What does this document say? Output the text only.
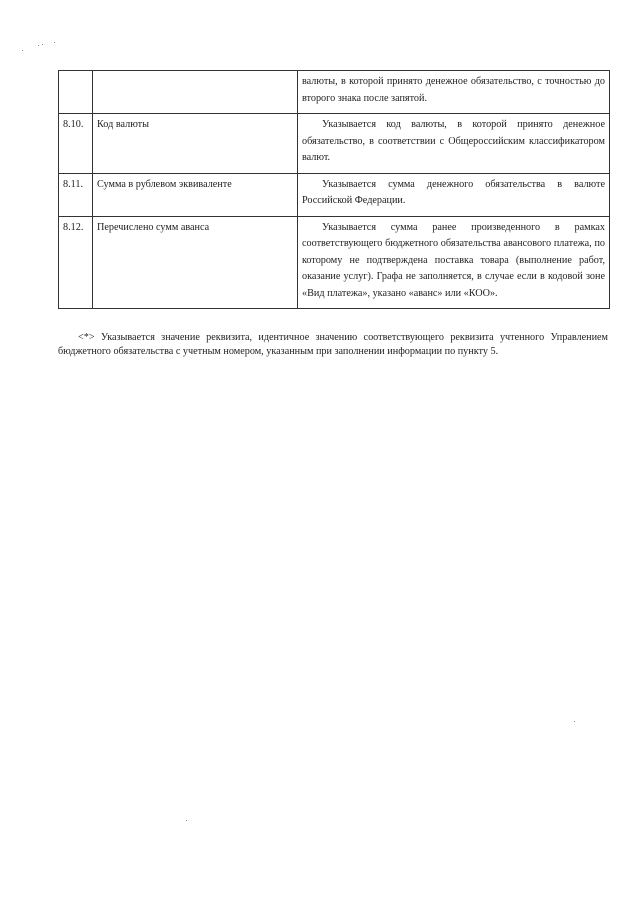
		валюты, в которой принято денежное обязательство, с точностью до второго знака после запятой.
8.10.	Код валюты	Указывается код валюты, в которой принято денежное обязательство, в соответствии с Общероссийским классификатором валют.
8.11.	Сумма в рублевом эквиваленте	Указывается сумма денежного обязательства в валюте Российской Федерации.
8.12.	Перечислено сумм аванса	Указывается сумма ранее произведенного в рамках соответствующего бюджетного обязательства авансового платежа, по которому не подтверждена поставка товара (выполнение работ, оказание услуг). Графа не заполняется, в случае если в кодовой зоне «Вид платежа», указано «аванс» или «КОО».

<*> Указывается значение реквизита, идентичное значению соответствующего реквизита учтенного Управлением бюджетного обязательства с учетным номером, указанным при заполнении информации по пункту 5.
